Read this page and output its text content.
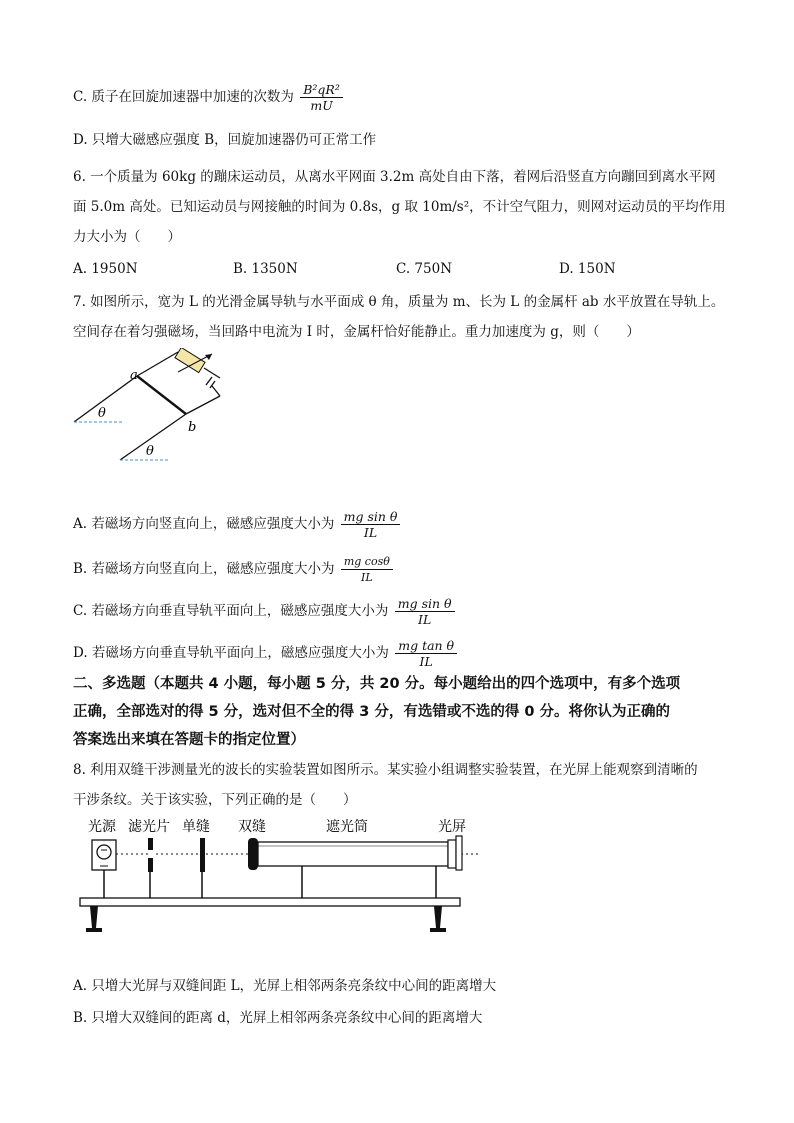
C. 质子在回旋加速器中加速的次数为 $\frac{\text{B²qR²}}{mU}$
D. 只增大磁感应强度 B，回旋加速器仍可正常工作
6. 一个质量为 60kg 的蹦床运动员，从离水平网面 3.2m 高处自由下落，着网后沿竖直方向蹦回到离水平网
面 5.0m 高处。已知运动员与网接触的时间为 0.8s，g 取 10m/s²，不计空气阻力，则网对运动员的平均作用
力大小为（　　）
A. 1950N	B. 1350N	C. 750N	D. 150N
7. 如图所示，宽为 L 的光滑金属导轨与水平面成 θ 角，质量为 m、长为 L 的金属杆 ab 水平放置在导轨上。
空间存在着匀强磁场，当回路中电流为 I 时，金属杆恰好能静止。重力加速度为 g，则（　　）
a
b
θ
θ
A. 若磁场方向竖直向上，磁感应强度大小为 $\frac{\text{mg sin θ}}{IL}$
B. 若磁场方向竖直向上，磁感应强度大小为 $\frac{\text{mg cosθ}}{IL}$
C. 若磁场方向垂直导轨平面向上，磁感应强度大小为 $\frac{\text{mg sin θ}}{IL}$
D. 若磁场方向垂直导轨平面向上，磁感应强度大小为 $\frac{\text{mg tan θ}}{IL}$
二、多选题（本题共 4 小题，每小题 5 分，共 20 分。每小题给出的四个选项中，有多个选项
正确，全部选对的得 5 分，选对但不全的得 3 分，有选错或不选的得 0 分。将你认为正确的
答案选出来填在答题卡的指定位置）
8. 利用双缝干涉测量光的波长的实验装置如图所示。某实验小组调整实验装置，在光屏上能观察到清晰的
干涉条纹。关于该实验，下列正确的是（　　）
光源 滤光片 单缝 双缝	遮光筒	光屏
A. 只增大光屏与双缝间距 L，光屏上相邻两条亮条纹中心间的距离增大
B. 只增大双缝间的距离 d，光屏上相邻两条亮条纹中心间的距离增大
